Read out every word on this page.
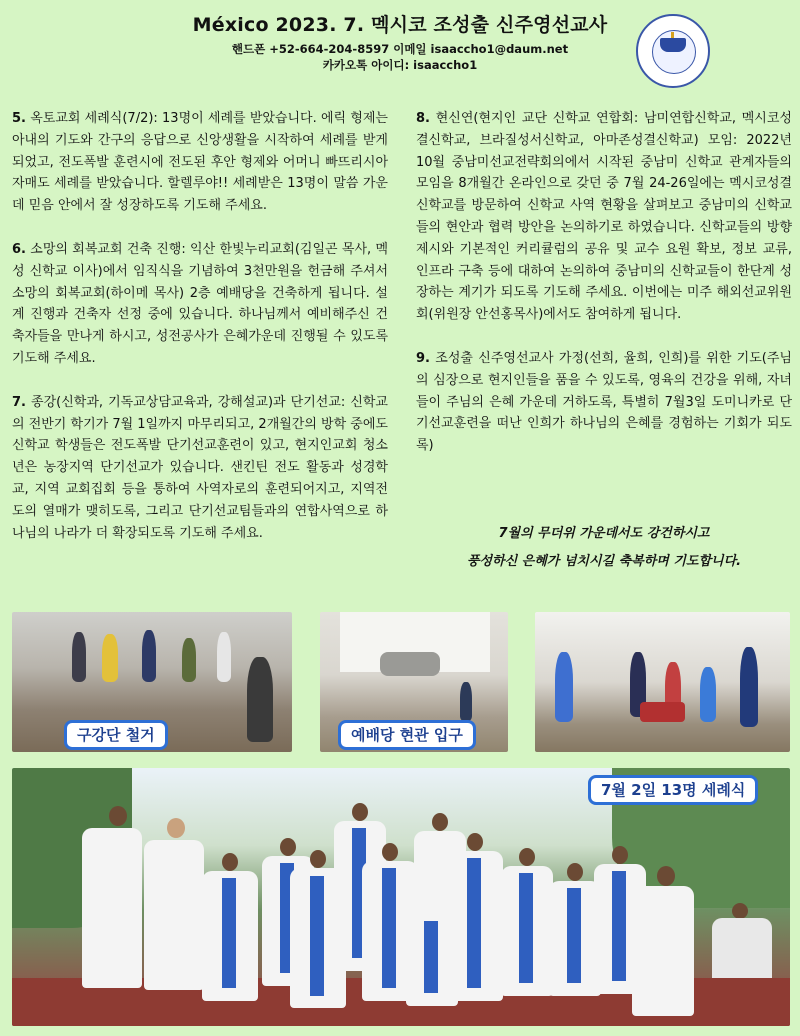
México 2023. 7. 멕시코 조성출 신주영선교사
핸드폰 +52-664-204-8597 이메일 isaaccho1@daum.net
카카오톡 아이디: isaaccho1

5. 옥토교회 세례식(7/2): 13명이 세례를 받았습니다. 에릭 형제는 아내의 기도와 간구의 응답으로 신앙생활을 시작하여 세례를 받게 되었고, 전도폭발 훈련시에 전도된 후안 형제와 어머니 빠뜨리시아 자매도 세례를 받았습니다. 할렐루야!! 세례받은 13명이 말씀 가운데 믿음 안에서 잘 성장하도록 기도해 주세요.

6. 소망의 회복교회 건축 진행: 익산 한빛누리교회(김일곤 목사, 멕성 신학교 이사)에서 임직식을 기념하여 3천만원을 헌금해 주셔서 소망의 회복교회(하이메 목사) 2층 예배당을 건축하게 됩니다. 설계 진행과 건축자 선정 중에 있습니다. 하나님께서 예비해주신 건축자들을 만나게 하시고, 성전공사가 은혜가운데 진행될 수 있도록 기도해 주세요.

7. 종강(신학과, 기독교상담교육과, 강해설교)과 단기선교: 신학교의 전반기 학기가 7월 1일까지 마무리되고, 2개월간의 방학 중에도 신학교 학생들은 전도폭발 단기선교훈련이 있고, 현지인교회 청소년은 농장지역 단기선교가 있습니다. 샌킨틴 전도 활동과 성경학교, 지역 교회집회 등을 통하여 사역자로의 훈련되어지고, 지역전도의 열매가 맺히도록, 그리고 단기선교팀들과의 연합사역으로 하나님의 나라가 더 확장되도록 기도해 주세요.

8. 현신연(현지인 교단 신학교 연합회: 남미연합신학교, 멕시코성결신학교, 브라질성서신학교, 아마존성결신학교) 모임: 2022년 10월 중남미선교전략회의에서 시작된 중남미 신학교 관계자들의 모임을 8개월간 온라인으로 갖던 중 7월 24-26일에는 멕시코성결신학교를 방문하여 신학교 사역 현황을 살펴보고 중남미의 신학교들의 현안과 협력 방안을 논의하기로 하였습니다. 신학교들의 방향 제시와 기본적인 커리큘럼의 공유 및 교수 요원 확보, 정보 교류, 인프라 구축 등에 대하여 논의하여 중남미의 신학교들이 한단계 성장하는 계기가 되도록 기도해 주세요. 이번에는 미주 해외선교위원회(위원장 안선홍목사)에서도 참여하게 됩니다.

9. 조성출 신주영선교사 가정(선희, 율희, 인희)를 위한 기도(주님의 심장으로 현지인들을 품을 수 있도록, 영육의 건강을 위해, 자녀들이 주님의 은혜 가운데 거하도록, 특별히 7월3일 도미니카로 단기선교훈련을 떠난 인희가 하나님의 은혜를 경험하는 기회가 되도록)

7월의 무더위 가운데서도 강건하시고
풍성하신 은혜가 넘치시길 축복하며 기도합니다.
구강단 철거	예배당 현관 입구
7월 2일 13명 세례식
